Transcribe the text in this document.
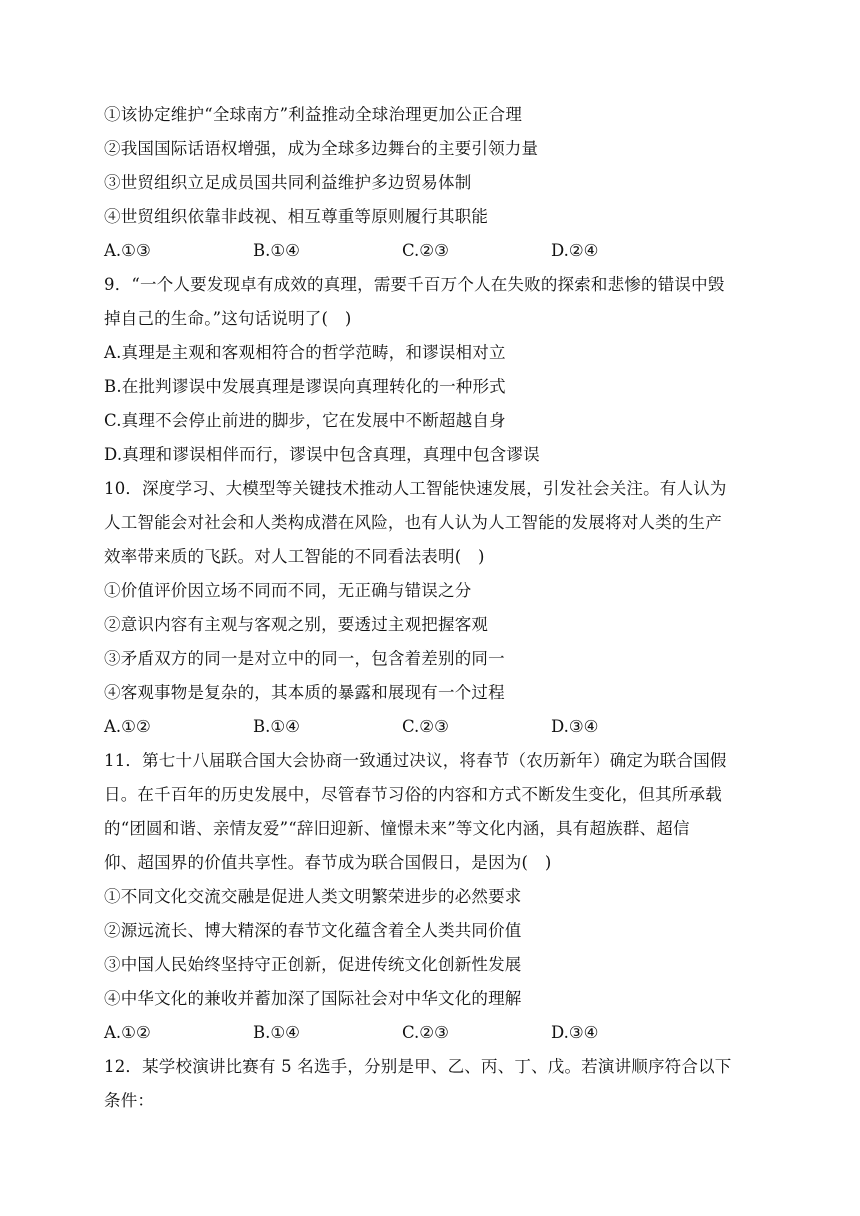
①该协定维护“全球南方”利益推动全球治理更加公正合理
②我国国际话语权增强，成为全球多边舞台的主要引领力量
③世贸组织立足成员国共同利益维护多边贸易体制
④世贸组织依靠非歧视、相互尊重等原则履行其职能
A.①③	B.①④	C.②③	D.②④
9．“一个人要发现卓有成效的真理，需要千百万个人在失败的探索和悲惨的错误中毁
掉自己的生命。”这句话说明了(　)
A.真理是主观和客观相符合的哲学范畴，和谬误相对立
B.在批判谬误中发展真理是谬误向真理转化的一种形式
C.真理不会停止前进的脚步，它在发展中不断超越自身
D.真理和谬误相伴而行，谬误中包含真理，真理中包含谬误
10．深度学习、大模型等关键技术推动人工智能快速发展，引发社会关注。有人认为
人工智能会对社会和人类构成潜在风险，也有人认为人工智能的发展将对人类的生产
效率带来质的飞跃。对人工智能的不同看法表明(　)
①价值评价因立场不同而不同，无正确与错误之分
②意识内容有主观与客观之别，要透过主观把握客观
③矛盾双方的同一是对立中的同一，包含着差别的同一
④客观事物是复杂的，其本质的暴露和展现有一个过程
A.①②	B.①④	C.②③	D.③④
11．第七十八届联合国大会协商一致通过决议，将春节（农历新年）确定为联合国假
日。在千百年的历史发展中，尽管春节习俗的内容和方式不断发生变化，但其所承载
的“团圆和谐、亲情友爱”“辞旧迎新、憧憬未来”等文化内涵，具有超族群、超信
仰、超国界的价值共享性。春节成为联合国假日，是因为(　)
①不同文化交流交融是促进人类文明繁荣进步的必然要求
②源远流长、博大精深的春节文化蕴含着全人类共同价值
③中国人民始终坚持守正创新，促进传统文化创新性发展
④中华文化的兼收并蓄加深了国际社会对中华文化的理解
A.①②	B.①④	C.②③	D.③④
12．某学校演讲比赛有 5 名选手，分别是甲、乙、丙、丁、戊。若演讲顺序符合以下
条件：
